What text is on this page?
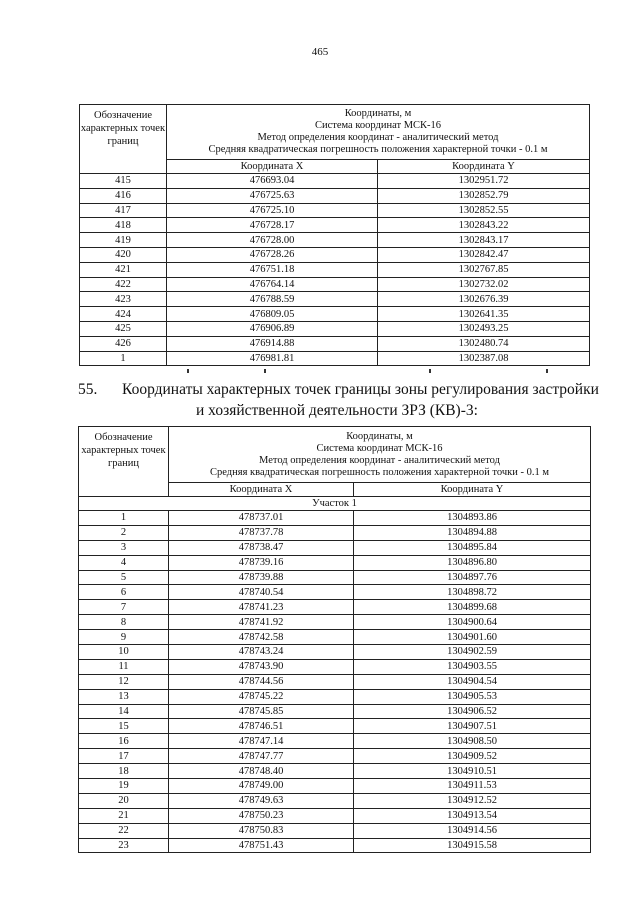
465
Обозначение характерных точек границ	Координаты, м
Система координат МСК-16
Метод определения координат - аналитический метод
Средняя квадратическая погрешность положения характерной точки - 0.1 м	

	Координата X	Координата Y
415	476693.04	1302951.72
416	476725.63	1302852.79
417	476725.10	1302852.55
418	476728.17	1302843.22
419	476728.00	1302843.17
420	476728.26	1302842.47
421	476751.18	1302767.85
422	476764.14	1302732.02
423	476788.59	1302676.39
424	476809.05	1302641.35
425	476906.89	1302493.25
426	476914.88	1302480.74
1	476981.81	1302387.08
55. Координаты характерных точек границы зоны регулирования застройки
и хозяйственной деятельности ЗРЗ (КВ)-3:
Обозначение характерных точек границ	Координаты, м
Система координат МСК-16
Метод определения координат - аналитический метод
Средняя квадратическая погрешность положения характерной точки - 0.1 м	

	Координата X	Координата Y
Участок 1		
1	478737.01	1304893.86
2	478737.78	1304894.88
3	478738.47	1304895.84
4	478739.16	1304896.80
5	478739.88	1304897.76
6	478740.54	1304898.72
7	478741.23	1304899.68
8	478741.92	1304900.64
9	478742.58	1304901.60
10	478743.24	1304902.59
11	478743.90	1304903.55
12	478744.56	1304904.54
13	478745.22	1304905.53
14	478745.85	1304906.52
15	478746.51	1304907.51
16	478747.14	1304908.50
17	478747.77	1304909.52
18	478748.40	1304910.51
19	478749.00	1304911.53
20	478749.63	1304912.52
21	478750.23	1304913.54
22	478750.83	1304914.56
23	478751.43	1304915.58
